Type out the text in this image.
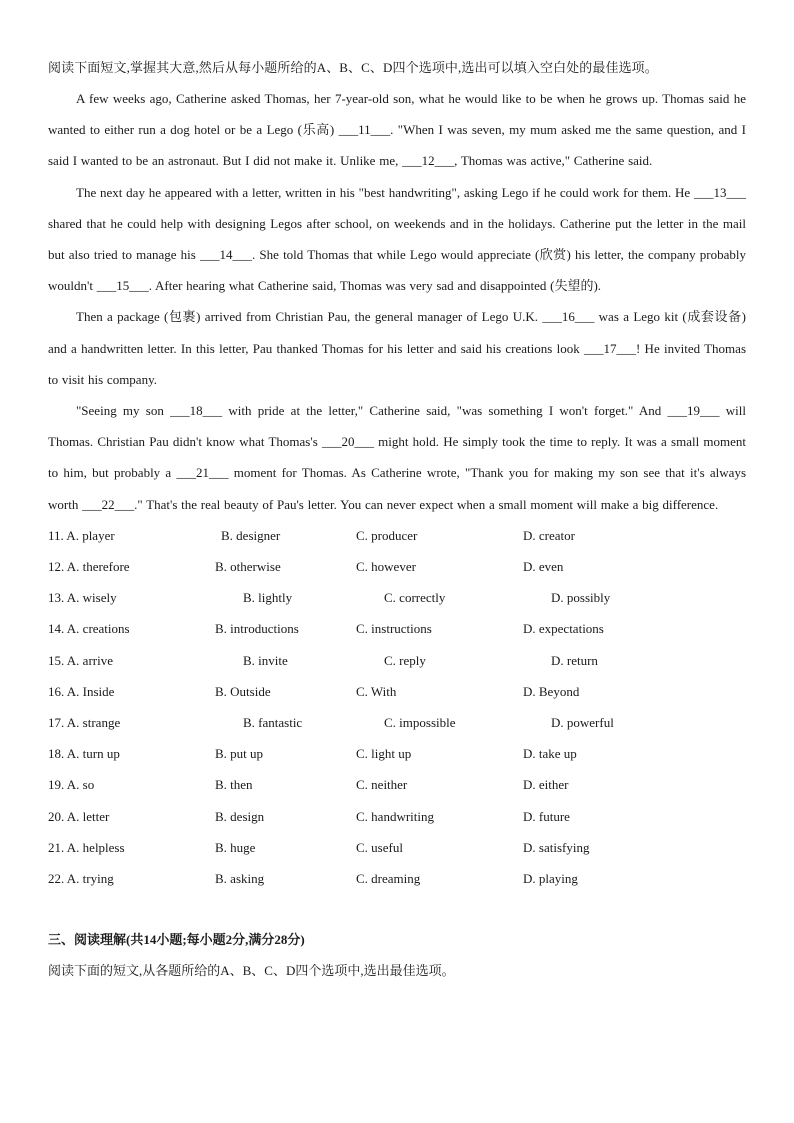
阅读下面短文,掌握其大意,然后从每小题所给的A、B、C、D四个选项中,选出可以填入空白处的最佳选项。

A few weeks ago, Catherine asked Thomas, her 7-year-old son, what he would like to be when he grows up. Thomas said he wanted to either run a dog hotel or be a Lego (乐高) ___11___. "When I was seven, my mum asked me the same question, and I said I wanted to be an astronaut. But I did not make it. Unlike me, ___12___, Thomas was active," Catherine said.

The next day he appeared with a letter, written in his "best handwriting", asking Lego if he could work for them. He ___13___ shared that he could help with designing Legos after school, on weekends and in the holidays. Catherine put the letter in the mail but also tried to manage his ___14___. She told Thomas that while Lego would appreciate (欣赏) his letter, the company probably wouldn't ___15___. After hearing what Catherine said, Thomas was very sad and disappointed (失望的).

Then a package (包裹) arrived from Christian Pau, the general manager of Lego U.K. ___16___ was a Lego kit (成套设备) and a handwritten letter. In this letter, Pau thanked Thomas for his letter and said his creations look ___17___! He invited Thomas to visit his company.

"Seeing my son ___18___ with pride at the letter," Catherine said, "was something I won't forget." And ___19___ will Thomas. Christian Pau didn't know what Thomas's ___20___ might hold. He simply took the time to reply. It was a small moment to him, but probably a ___21___ moment for Thomas. As Catherine wrote, "Thank you for making my son see that it's always worth ___22___." That's the real beauty of Pau's letter. You can never expect when a small moment will make a big difference.

11. A. player	B. designer	C. producer	D. creator
12. A. therefore	B. otherwise	C. however	D. even
13. A. wisely	B. lightly	C. correctly	D. possibly
14. A. creations	B. introductions	C. instructions	D. expectations
15. A. arrive	B. invite	C. reply	D. return
16. A. Inside	B. Outside	C. With	D. Beyond
17. A. strange	B. fantastic	C. impossible	D. powerful
18. A. turn up	B. put up	C. light up	D. take up
19. A. so	B. then	C. neither	D. either
20. A. letter	B. design	C. handwriting	D. future
21. A. helpless	B. huge	C. useful	D. satisfying
22. A. trying	B. asking	C. dreaming	D. playing
三、阅读理解(共14小题;每小题2分,满分28分)

阅读下面的短文,从各题所给的A、B、C、D四个选项中,选出最佳选项。
